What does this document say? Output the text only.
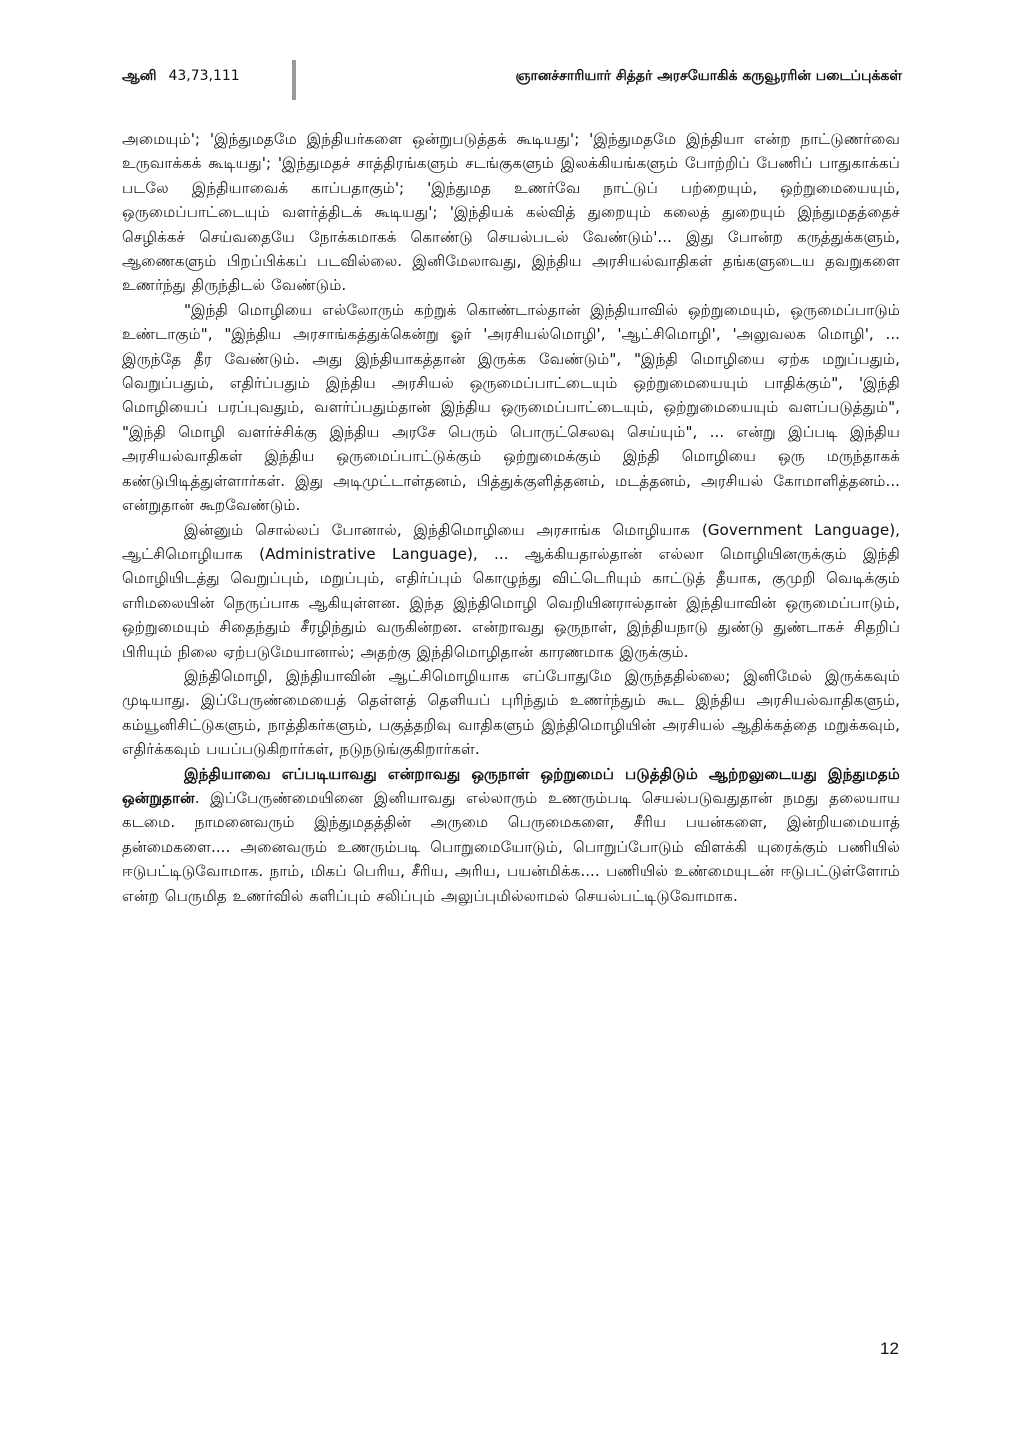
ஆனி 43,73,111	ஞானச்சாரியார் சித்தர் அரசயோகிக் கருவூரரின் படைப்புக்கள்

அமையும்'; 'இந்துமதமே இந்தியர்களை ஒன்றுபடுத்தக் கூடியது'; 'இந்துமதமே இந்தியா என்ற நாட்டுணர்வை உருவாக்கக் கூடியது'; 'இந்துமதச் சாத்திரங்களும் சடங்குகளும் இலக்கியங்களும் போற்றிப் பேணிப் பாதுகாக்கப் படலே இந்தியாவைக் காப்பதாகும்'; 'இந்துமத உணர்வே நாட்டுப் பற்றையும், ஒற்றுமையையும், ஒருமைப்பாட்டையும் வளர்த்திடக் கூடியது'; 'இந்தியக் கல்வித் துறையும் கலைத் துறையும் இந்துமதத்தைச் செழிக்கச் செய்வதையே நோக்கமாகக் கொண்டு செயல்படல் வேண்டும்'... இது போன்ற கருத்துக்களும், ஆணைகளும் பிறப்பிக்கப் படவில்லை. இனிமேலாவது, இந்திய அரசியல்வாதிகள் தங்களுடைய தவறுகளை உணர்ந்து திருந்திடல் வேண்டும்.

"இந்தி மொழியை எல்லோரும் கற்றுக் கொண்டால்தான் இந்தியாவில் ஒற்றுமையும், ஒருமைப்பாடும் உண்டாகும்", "இந்திய அரசாங்கத்துக்கென்று ஓர் 'அரசியல்மொழி', 'ஆட்சிமொழி', 'அலுவலக மொழி', ... இருந்தே தீர வேண்டும். அது இந்தியாகத்தான் இருக்க வேண்டும்", "இந்தி மொழியை ஏற்க மறுப்பதும், வெறுப்பதும், எதிர்ப்பதும் இந்திய அரசியல் ஒருமைப்பாட்டையும் ஒற்றுமையையும் பாதிக்கும்", 'இந்தி மொழியைப் பரப்புவதும், வளர்ப்பதும்தான் இந்திய ஒருமைப்பாட்டையும், ஒற்றுமையையும் வளப்படுத்தும்", "இந்தி மொழி வளர்ச்சிக்கு இந்திய அரசே பெரும் பொருட்செலவு செய்யும்", ... என்று இப்படி இந்திய அரசியல்வாதிகள் இந்திய ஒருமைப்பாட்டுக்கும் ஒற்றுமைக்கும் இந்தி மொழியை ஒரு மருந்தாகக் கண்டுபிடித்துள்ளார்கள். இது அடிமுட்டாள்தனம், பித்துக்குளித்தனம், மடத்தனம், அரசியல் கோமாளித்தனம்... என்றுதான் கூறவேண்டும்.

இன்னும் சொல்லப் போனால், இந்திமொழியை அரசாங்க மொழியாக (Government Language), ஆட்சிமொழியாக (Administrative Language), ... ஆக்கியதால்தான் எல்லா மொழியினருக்கும் இந்தி மொழியிடத்து வெறுப்பும், மறுப்பும், எதிர்ப்பும் கொழுந்து விட்டெரியும் காட்டுத் தீயாக, குமுறி வெடிக்கும் எரிமலையின் நெருப்பாக ஆகியுள்ளன. இந்த இந்திமொழி வெறியினரால்தான் இந்தியாவின் ஒருமைப்பாடும், ஒற்றுமையும் சிதைந்தும் சீரழிந்தும் வருகின்றன. என்றாவது ஒருநாள், இந்தியநாடு துண்டு துண்டாகச் சிதறிப் பிரியும் நிலை ஏற்படுமேயானால்; அதற்கு இந்திமொழிதான் காரணமாக இருக்கும்.

இந்திமொழி, இந்தியாவின் ஆட்சிமொழியாக எப்போதுமே இருந்ததில்லை; இனிமேல் இருக்கவும் முடியாது. இப்பேருண்மையைத் தெள்ளத் தெளியப் புரிந்தும் உணர்ந்தும் கூட இந்திய அரசியல்வாதிகளும், கம்யூனிசிட்டுகளும், நாத்திகர்களும், பகுத்தறிவு வாதிகளும் இந்திமொழியின் அரசியல் ஆதிக்கத்தை மறுக்கவும், எதிர்க்கவும் பயப்படுகிறார்கள், நடுநடுங்குகிறார்கள்.

இந்தியாவை எப்படியாவது என்றாவது ஒருநாள் ஒற்றுமைப் படுத்திடும் ஆற்றலுடையது இந்துமதம் ஒன்றுதான். இப்பேருண்மையினை இனியாவது எல்லாரும் உணரும்படி செயல்படுவதுதான் நமது தலையாய கடமை. நாமனைவரும் இந்துமதத்தின் அருமை பெருமைகளை, சீரிய பயன்களை, இன்றியமையாத் தன்மைகளை.... அனைவரும் உணரும்படி பொறுமையோடும், பொறுப்போடும் விளக்கி யுரைக்கும் பணியில் ஈடுபட்டிடுவோமாக. நாம், மிகப் பெரிய, சீரிய, அரிய, பயன்மிக்க.... பணியில் உண்மையுடன் ஈடுபட்டுள்ளோம் என்ற பெருமித உணர்வில் களிப்பும் சலிப்பும் அலுப்புமில்லாமல் செயல்பட்டிடுவோமாக.

12
